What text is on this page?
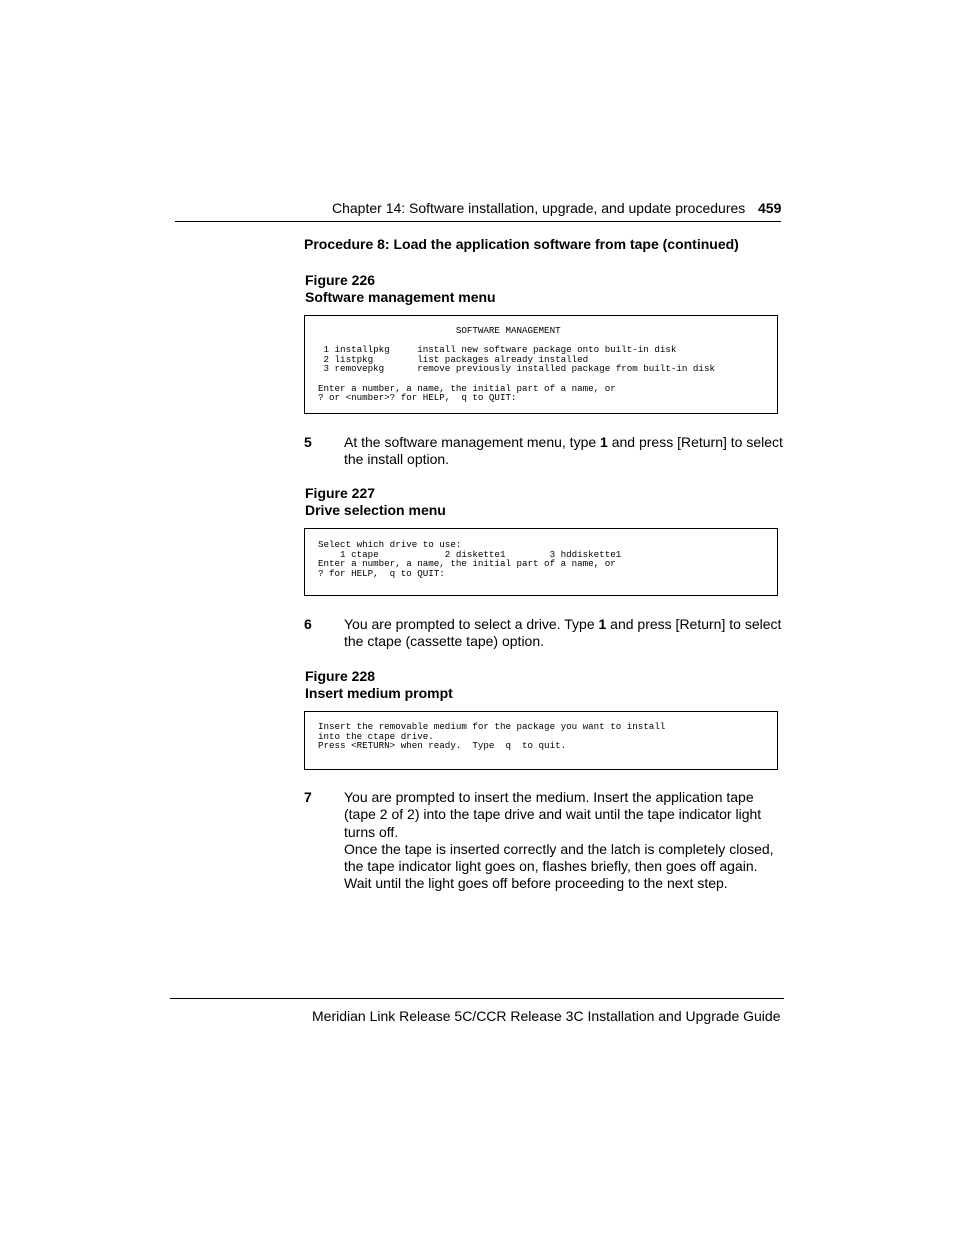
Chapter 14: Software installation, upgrade, and update procedures 459
Procedure 8: Load the application software from tape (continued)
Figure 226
Software management menu
SOFTWARE MANAGEMENT

1 installpkg     install new software package onto built-in disk
2 listpkg        list packages already installed
3 removepkg      remove previously installed package from built-in disk

Enter a number, a name, the initial part of a name, or
? or <number>? for HELP,  q to QUIT:
5 At the software management menu, type 1 and press [Return] to select the install option.
Figure 227
Drive selection menu
Select which drive to use:
1 ctape            2 diskette1        3 hddiskette1
Enter a number, a name, the initial part of a name, or
? for HELP,  q to QUIT:
6 You are prompted to select a drive. Type 1 and press [Return] to select the ctape (cassette tape) option.
Figure 228
Insert medium prompt
Insert the removable medium for the package you want to install
into the ctape drive.
Press <RETURN> when ready.  Type  q  to quit.
7 You are prompted to insert the medium. Insert the application tape (tape 2 of 2) into the tape drive and wait until the tape indicator light turns off.
Once the tape is inserted correctly and the latch is completely closed, the tape indicator light goes on, flashes briefly, then goes off again. Wait until the light goes off before proceeding to the next step.
Meridian Link Release 5C/CCR Release 3C Installation and Upgrade Guide
